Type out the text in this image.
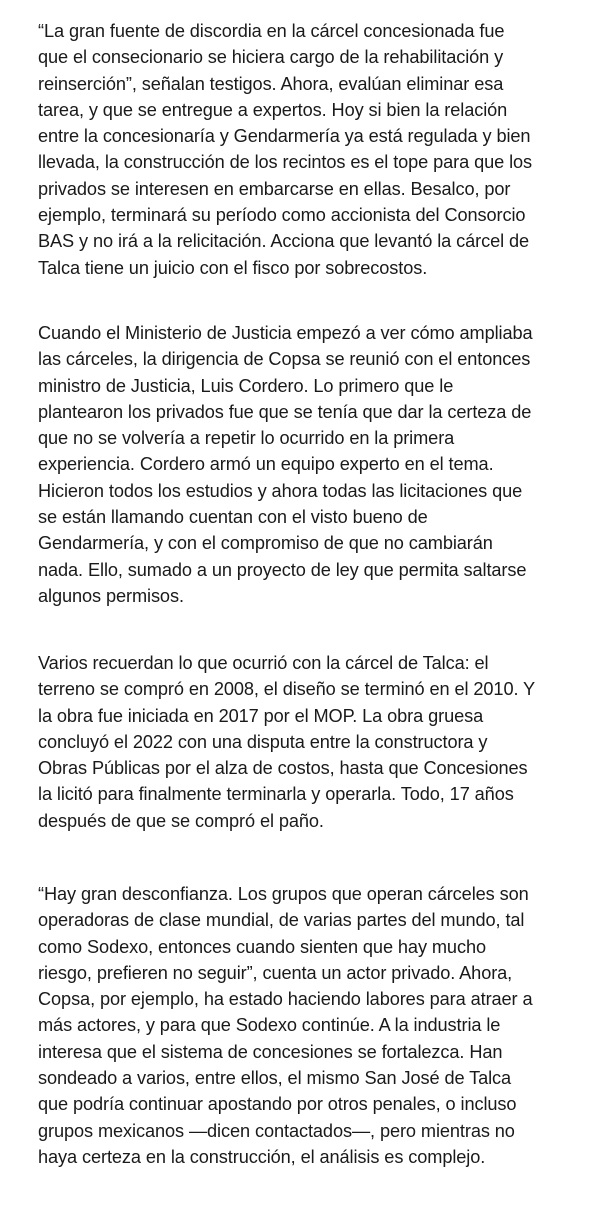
“La gran fuente de discordia en la cárcel concesionada fue
que el consecionario se hiciera cargo de la rehabilitación y
reinserción”, señalan testigos. Ahora, evalúan eliminar esa
tarea, y que se entregue a expertos. Hoy si bien la relación
entre la concesionaría y Gendarmería ya está regulada y bien
llevada, la construcción de los recintos es el tope para que los
privados se interesen en embarcarse en ellas. Besalco, por
ejemplo, terminará su período como accionista del Consorcio
BAS y no irá a la relicitación. Acciona que levantó la cárcel de
Talca tiene un juicio con el fisco por sobrecostos.

Cuando el Ministerio de Justicia empezó a ver cómo ampliaba
las cárceles, la dirigencia de Copsa se reunió con el entonces
ministro de Justicia, Luis Cordero. Lo primero que le
plantearon los privados fue que se tenía que dar la certeza de
que no se volvería a repetir lo ocurrido en la primera
experiencia. Cordero armó un equipo experto en el tema.
Hicieron todos los estudios y ahora todas las licitaciones que
se están llamando cuentan con el visto bueno de
Gendarmería, y con el compromiso de que no cambiarán
nada. Ello, sumado a un proyecto de ley que permita saltarse
algunos permisos.

Varios recuerdan lo que ocurrió con la cárcel de Talca: el
terreno se compró en 2008, el diseño se terminó en el 2010. Y
la obra fue iniciada en 2017 por el MOP. La obra gruesa
concluyó el 2022 con una disputa entre la constructora y
Obras Públicas por el alza de costos, hasta que Concesiones
la licitó para finalmente terminarla y operarla. Todo, 17 años
después de que se compró el paño.

“Hay gran desconfianza. Los grupos que operan cárceles son
operadoras de clase mundial, de varias partes del mundo, tal
como Sodexo, entonces cuando sienten que hay mucho
riesgo, prefieren no seguir”, cuenta un actor privado. Ahora,
Copsa, por ejemplo, ha estado haciendo labores para atraer a
más actores, y para que Sodexo continúe. A la industria le
interesa que el sistema de concesiones se fortalezca. Han
sondeado a varios, entre ellos, el mismo San José de Talca
que podría continuar apostando por otros penales, o incluso
grupos mexicanos —dicen contactados—, pero mientras no
haya certeza en la construcción, el análisis es complejo.
